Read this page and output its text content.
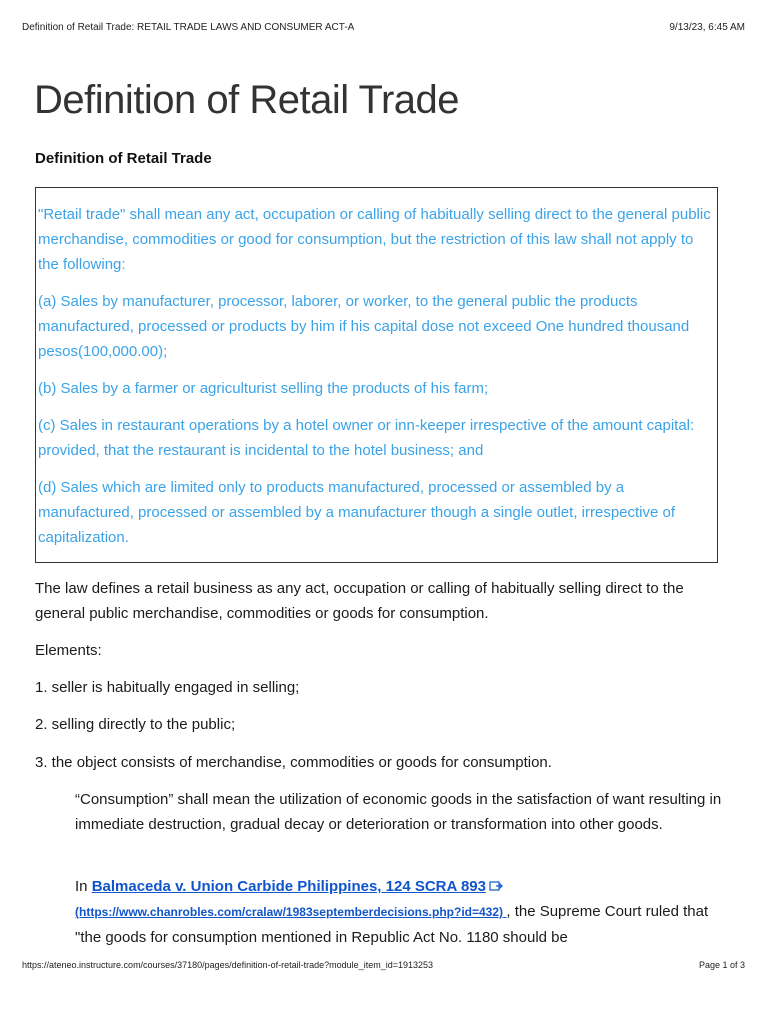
Definition of Retail Trade: RETAIL TRADE LAWS AND CONSUMER ACT-A	9/13/23, 6:45 AM
Definition of Retail Trade
Definition of Retail Trade

"Retail trade" shall mean any act, occupation or calling of habitually selling direct to the general public merchandise, commodities or good for consumption, but the restriction of this law shall not apply to the following:

(a) Sales by manufacturer, processor, laborer, or worker, to the general public the products manufactured, processed or products by him if his capital dose not exceed One hundred thousand pesos(100,000.00);

(b) Sales by a farmer or agriculturist selling the products of his farm;

(c) Sales in restaurant operations by a hotel owner or inn-keeper irrespective of the amount capital: provided, that the restaurant is incidental to the hotel business; and

(d) Sales which are limited only to products manufactured, processed or assembled by a manufactured, processed or assembled by a manufacturer though a single outlet, irrespective of capitalization.

The law defines a retail business as any act, occupation or calling of habitually selling direct to the general public merchandise, commodities or goods for consumption.

Elements:

1. seller is habitually engaged in selling;

2. selling directly to the public;

3. the object consists of merchandise, commodities or goods for consumption.

“Consumption” shall mean the utilization of economic goods in the satisfaction of want resulting in immediate destruction, gradual decay or deterioration or transformation into other goods.

In Balmaceda v. Union Carbide Philippines, 124 SCRA 893
(https://www.chanrobles.com/cralaw/1983septemberdecisions.php?id=432) , the Supreme Court ruled that "the goods for consumption mentioned in Republic Act No. 1180 should be

https://ateneo.instructure.com/courses/37180/pages/definition-of-retail-trade?module_item_id=1913253	Page 1 of 3
